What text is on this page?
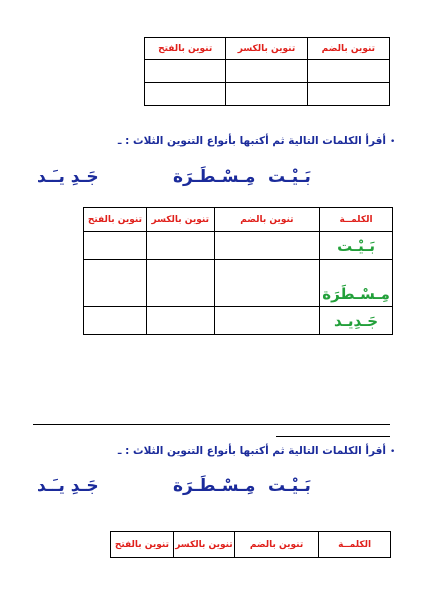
تنوين بالفتح	تنوين بالكسر	تنوين بالضم

•
أقرأ الكلمات التالية ثم أكتبها بأنواع التنوين الثلاث : ـ
بَـيْـت
مِـسْـطَـرَة
جَـدِ يـَـد
تنوين بالفتح	تنوين بالكسر	تنوين بالضم	الكلمــة
			بَـيْـت
			مِـسْـطَرَة
			جَـدِيـد
•
أقرأ الكلمات التالية ثم أكتبها بأنواع التنوين الثلاث : ـ
بَـيْـت
مِـسْـطَـرَة
جَـدِ يـَـد
تنوين بالفتح	تنوين بالكسر	تنوين بالضم	الكلمــة
